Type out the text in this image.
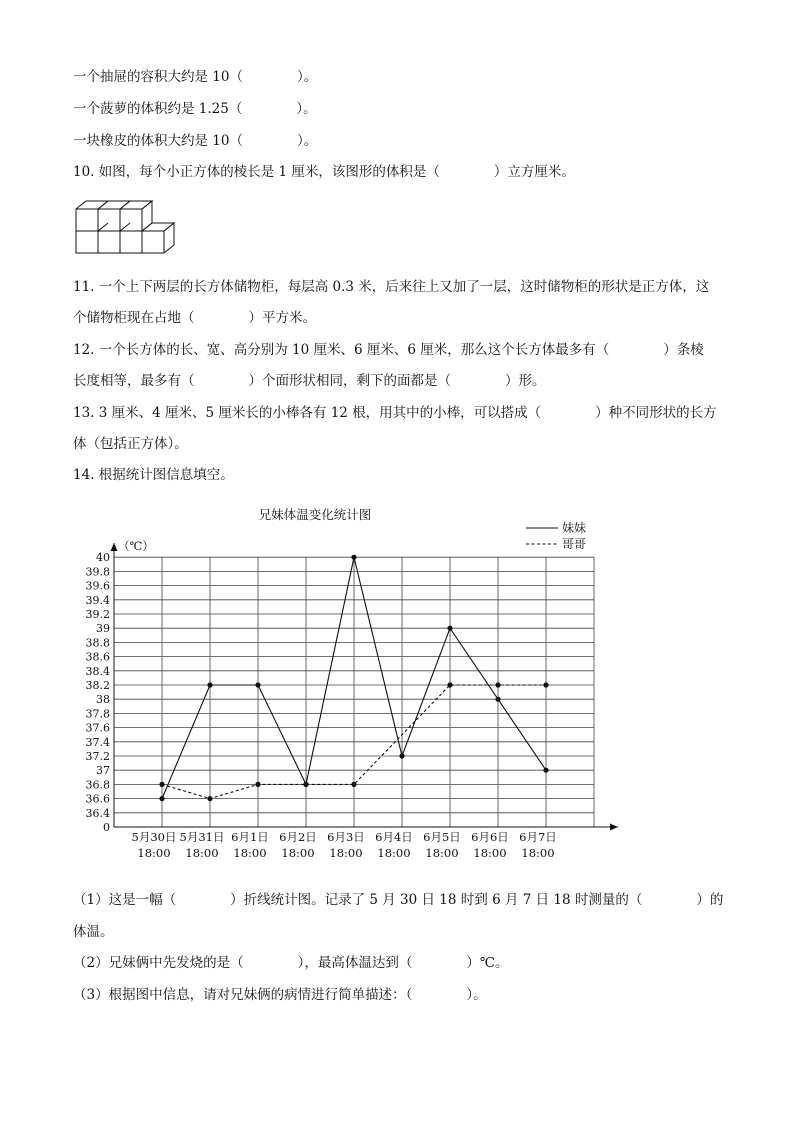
一个抽屉的容积大约是 10（　　　　）。
一个菠萝的体积约是 1.25（　　　　）。
一块橡皮的体积大约是 10（　　　　）。
10. 如图，每个小正方体的棱长是 1 厘米，该图形的体积是（　　　　）立方厘米。
11. 一个上下两层的长方体储物柜，每层高 0.3 米，后来往上又加了一层，这时储物柜的形状是正方体，这
个储物柜现在占地（　　　　）平方米。
12. 一个长方体的长、宽、高分别为 10 厘米、6 厘米、6 厘米，那么这个长方体最多有（　　　　）条棱
长度相等，最多有（　　　　）个面形状相同，剩下的面都是（　　　　）形。
13. 3 厘米、4 厘米、5 厘米长的小棒各有 12 根，用其中的小棒，可以搭成（　　　　）种不同形状的长方
体（包括正方体）。
14. 根据统计图信息填空。
（1）这是一幅（　　　　）折线统计图。记录了 5 月 30 日 18 时到 6 月 7 日 18 时测量的（　　　　）的
体温。
（2）兄妹俩中先发烧的是（　　　　），最高体温达到（　　　　）℃。
（3）根据图中信息，请对兄妹俩的病情进行简单描述：（　　　　）。
0
36.4
36.6
36.8
37
37.2
37.4
37.6
37.8
38
38.2
38.4
38.6
38.8
39
39.2
39.4
39.6
39.8
40
兄妹体温变化统计图
（℃）
5月30日
18:00
5月31日
18:00
6月1日
18:00
6月2日
18:00
6月3日
18:00
6月4日
18:00
6月5日
18:00
6月6日
18:00
6月7日
18:00
妹妹
哥哥
